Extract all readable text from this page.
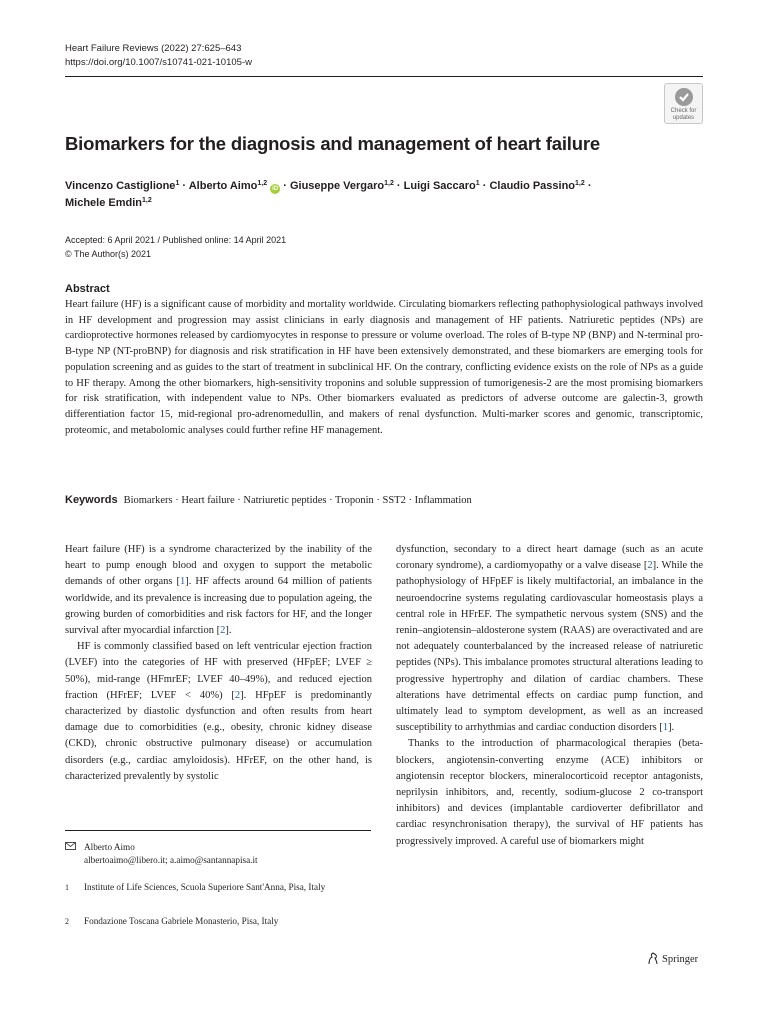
Heart Failure Reviews (2022) 27:625–643
https://doi.org/10.1007/s10741-021-10105-w
Check for
updates
Biomarkers for the diagnosis and management of heart failure
Vincenzo Castiglione$^1$ · Alberto Aimo$^{1,2}$ iD · Giuseppe Vergaro$^{1,2}$ · Luigi Saccaro$^1$ · Claudio Passino$^{1,2}$ ·
Michele Emdin$^{1,2}$
Accepted: 6 April 2021 / Published online: 14 April 2021
© The Author(s) 2021
Abstract
Heart failure (HF) is a significant cause of morbidity and mortality worldwide. Circulating biomarkers reflecting pathophysiological pathways involved in HF development and progression may assist clinicians in early diagnosis and management of HF patients. Natriuretic peptides (NPs) are cardioprotective hormones released by cardiomyocytes in response to pressure or volume overload. The roles of B-type NP (BNP) and N-terminal pro-B-type NP (NT-proBNP) for diagnosis and risk stratification in HF have been extensively demonstrated, and these biomarkers are emerging tools for population screening and as guides to the start of treatment in subclinical HF. On the contrary, conflicting evidence exists on the role of NPs as a guide to HF therapy. Among the other biomarkers, high-sensitivity troponins and soluble suppression of tumorigenesis-2 are the most promising biomarkers for risk stratification, with independent value to NPs. Other biomarkers evaluated as predictors of adverse outcome are galectin-3, growth differentiation factor 15, mid-regional pro-adrenomedullin, and makers of renal dysfunction. Multi-marker scores and genomic, transcriptomic, proteomic, and metabolomic analyses could further refine HF management.
Keywords Biomarkers · Heart failure · Natriuretic peptides · Troponin · SST2 · Inflammation

Heart failure (HF) is a syndrome characterized by the inability of the heart to pump enough blood and oxygen to support the metabolic demands of other organs [1]. HF affects around 64 million of patients worldwide, and its prevalence is increasing due to population ageing, the growing burden of comorbidities and risk factors for HF, and the longer survival after myocardial infarction [2].

HF is commonly classified based on left ventricular ejection fraction (LVEF) into the categories of HF with preserved (HFpEF; LVEF ≥ 50%), mid-range (HFmrEF; LVEF 40–49%), and reduced ejection fraction (HFrEF; LVEF < 40%) [2]. HFpEF is predominantly characterized by diastolic dysfunction and often results from heart damage due to comorbidities (e.g., obesity, chronic kidney disease (CKD), chronic obstructive pulmonary disease) or accumulation disorders (e.g., cardiac amyloidosis). HFrEF, on the other hand, is characterized prevalently by systolic

dysfunction, secondary to a direct heart damage (such as an acute coronary syndrome), a cardiomyopathy or a valve disease [2]. While the pathophysiology of HFpEF is likely multifactorial, an imbalance in the neuroendocrine systems regulating cardiovascular homeostasis plays a central role in HFrEF. The sympathetic nervous system (SNS) and the renin–angiotensin–aldosterone system (RAAS) are overactivated and are not adequately counterbalanced by the increased release of natriuretic peptides (NPs). This imbalance promotes structural alterations leading to progressive hypertrophy and dilation of cardiac chambers. These alterations have detrimental effects on cardiac pump function, and ultimately lead to symptom development, as well as an increased susceptibility to arrhythmias and cardiac conduction disorders [1].

Thanks to the introduction of pharmacological therapies (beta-blockers, angiotensin-converting enzyme (ACE) inhibitors or angiotensin receptor blockers, mineralocorticoid receptor antagonists, neprilysin inhibitors, and, recently, sodium-glucose 2 co-transport inhibitors) and devices (implantable cardioverter defibrillator and cardiac resynchronisation therapy), the survival of HF patients has progressively improved. A careful use of biomarkers might

Alberto Aimo
albertoaimo@libero.it; a.aimo@santannapisa.it
1 Institute of Life Sciences, Scuola Superiore Sant'Anna, Pisa, Italy
2 Fondazione Toscana Gabriele Monasterio, Pisa, Italy
Springer
